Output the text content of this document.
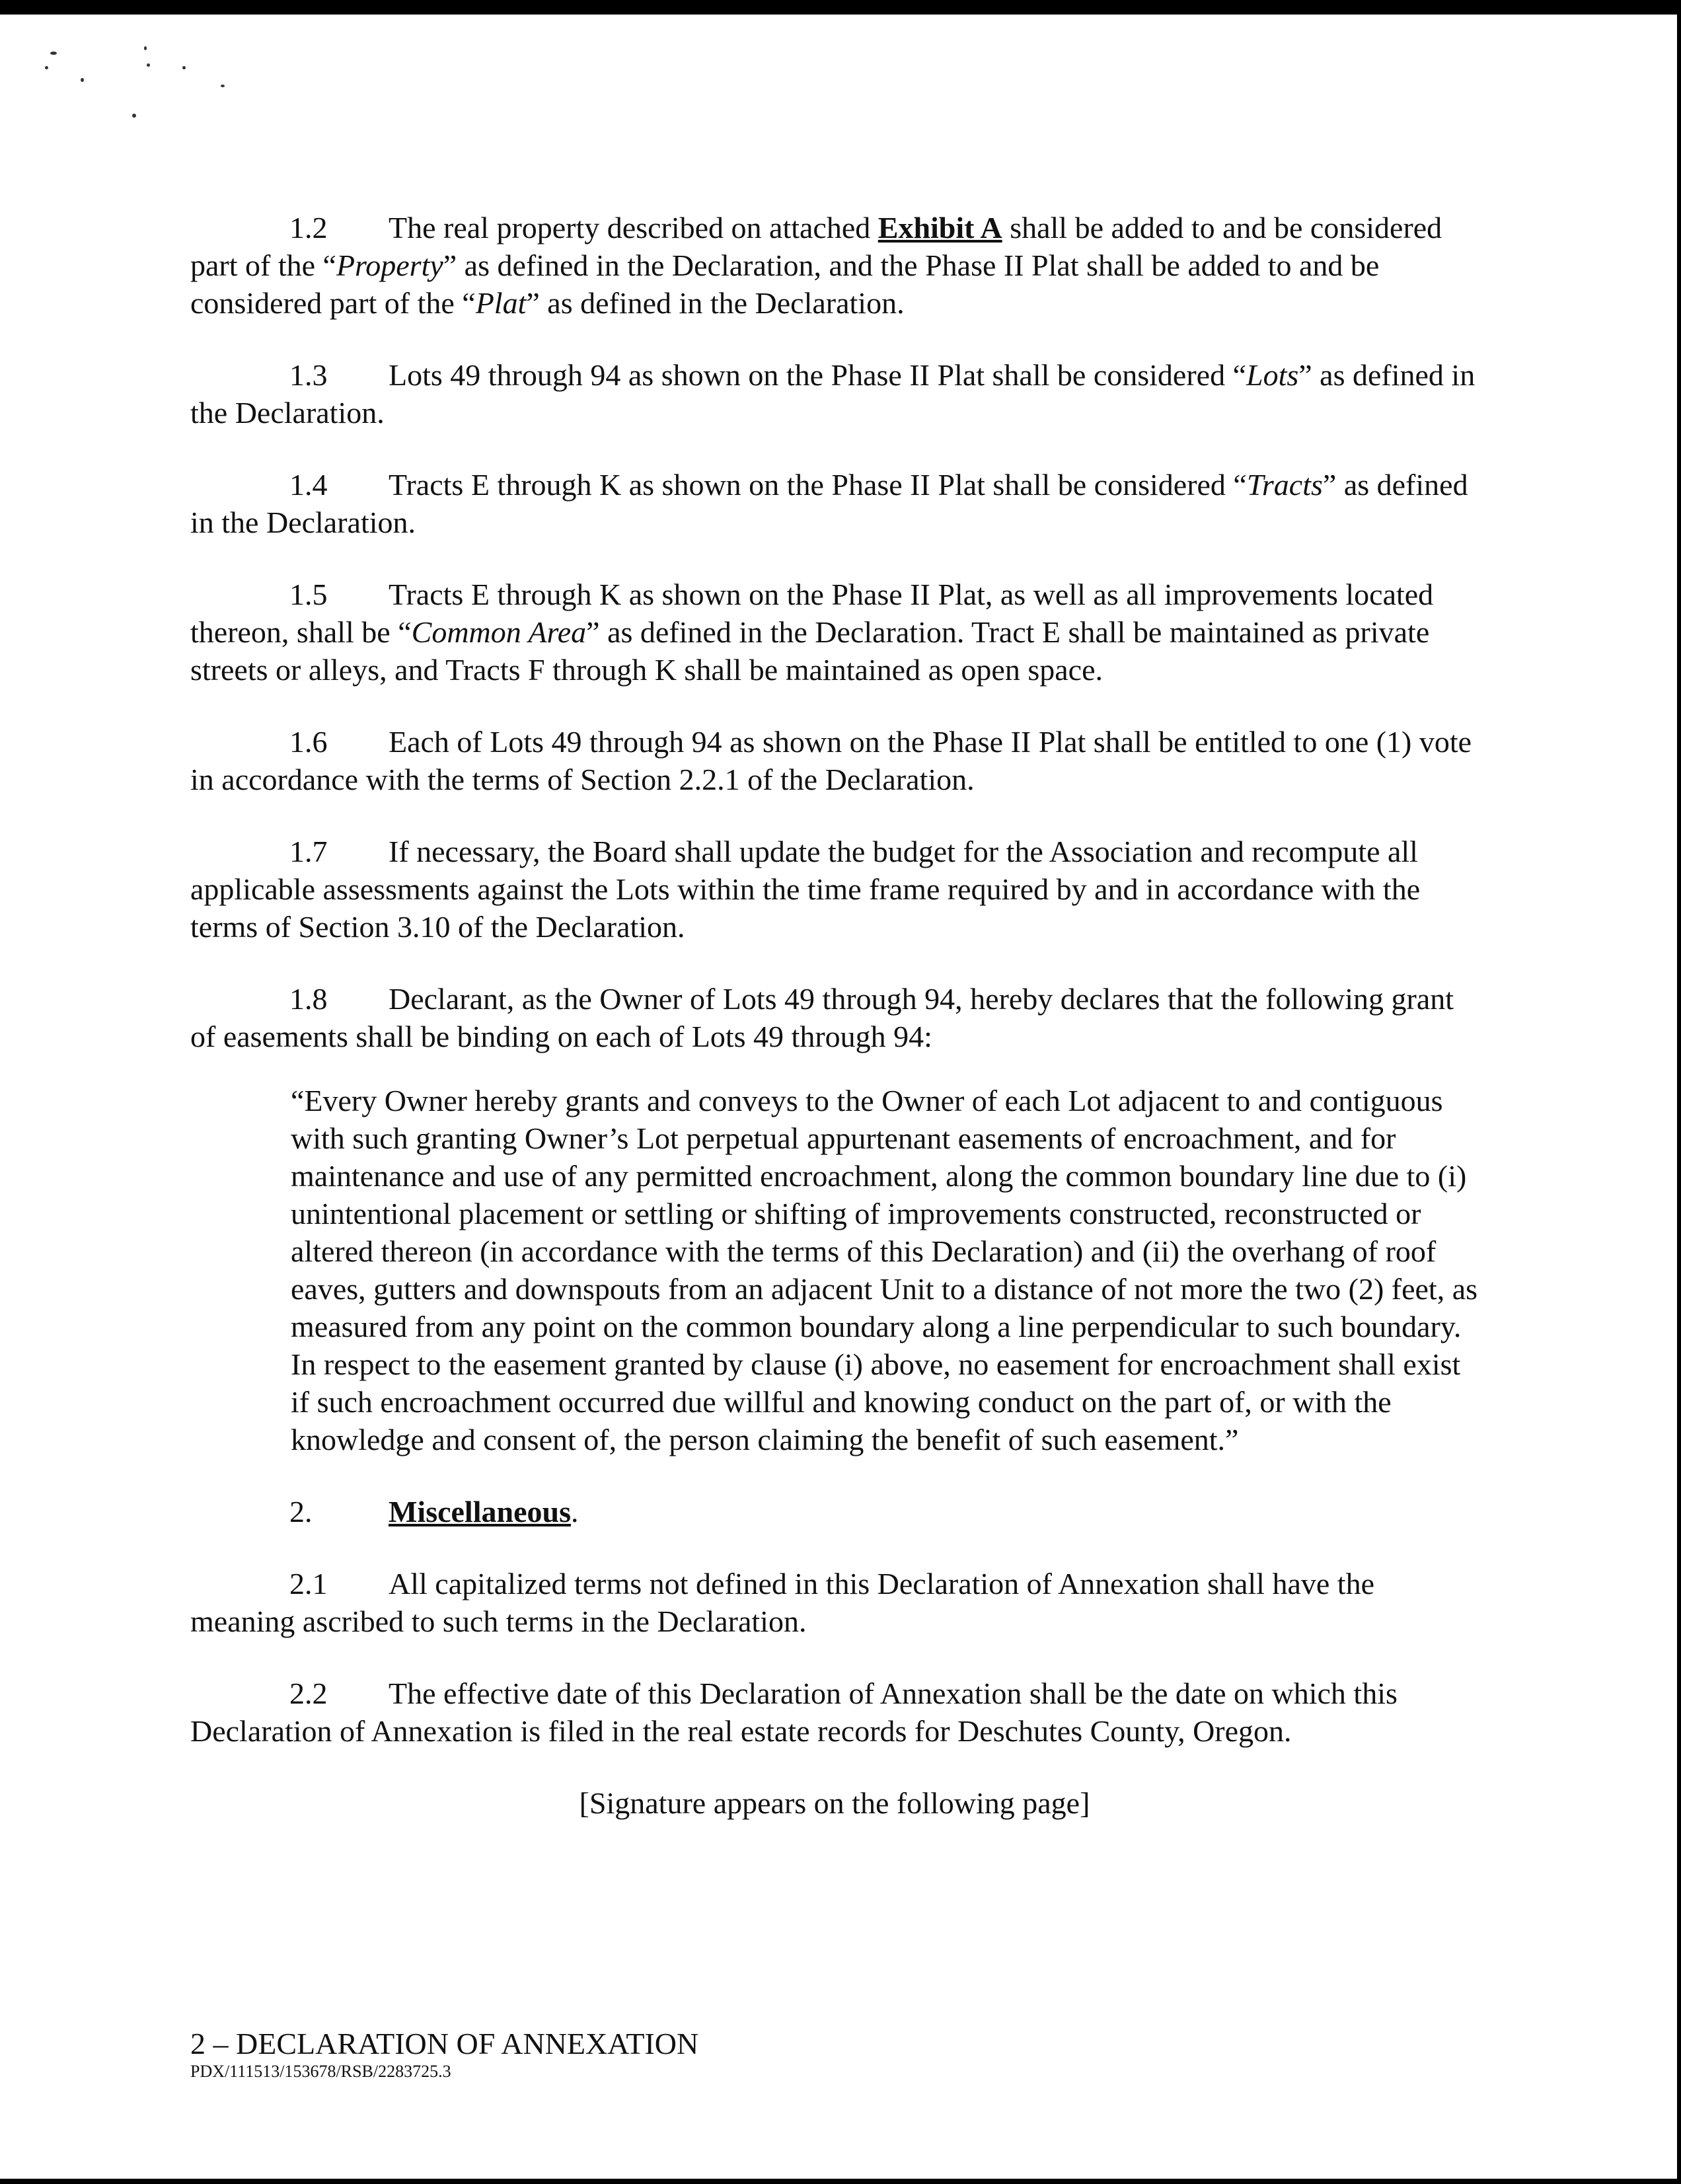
1.2 The real property described on attached Exhibit A shall be added to and be considered part of the “Property” as defined in the Declaration, and the Phase II Plat shall be added to and be considered part of the “Plat” as defined in the Declaration.

1.3 Lots 49 through 94 as shown on the Phase II Plat shall be considered “Lots” as defined in the Declaration.

1.4 Tracts E through K as shown on the Phase II Plat shall be considered “Tracts” as defined in the Declaration.

1.5 Tracts E through K as shown on the Phase II Plat, as well as all improvements located thereon, shall be “Common Area” as defined in the Declaration. Tract E shall be maintained as private streets or alleys, and Tracts F through K shall be maintained as open space.

1.6 Each of Lots 49 through 94 as shown on the Phase II Plat shall be entitled to one (1) vote in accordance with the terms of Section 2.2.1 of the Declaration.

1.7 If necessary, the Board shall update the budget for the Association and recompute all applicable assessments against the Lots within the time frame required by and in accordance with the terms of Section 3.10 of the Declaration.

1.8 Declarant, as the Owner of Lots 49 through 94, hereby declares that the following grant of easements shall be binding on each of Lots 49 through 94:

“Every Owner hereby grants and conveys to the Owner of each Lot adjacent to and contiguous with such granting Owner’s Lot perpetual appurtenant easements of encroachment, and for maintenance and use of any permitted encroachment, along the common boundary line due to (i) unintentional placement or settling or shifting of improvements constructed, reconstructed or altered thereon (in accordance with the terms of this Declaration) and (ii) the overhang of roof eaves, gutters and downspouts from an adjacent Unit to a distance of not more the two (2) feet, as measured from any point on the common boundary along a line perpendicular to such boundary. In respect to the easement granted by clause (i) above, no easement for encroachment shall exist if such encroachment occurred due willful and knowing conduct on the part of, or with the knowledge and consent of, the person claiming the benefit of such easement.”

2.	Miscellaneous.

2.1 All capitalized terms not defined in this Declaration of Annexation shall have the meaning ascribed to such terms in the Declaration.

2.2 The effective date of this Declaration of Annexation shall be the date on which this Declaration of Annexation is filed in the real estate records for Deschutes County, Oregon.

[Signature appears on the following page]

2 – DECLARATION OF ANNEXATION
PDX/111513/153678/RSB/2283725.3
